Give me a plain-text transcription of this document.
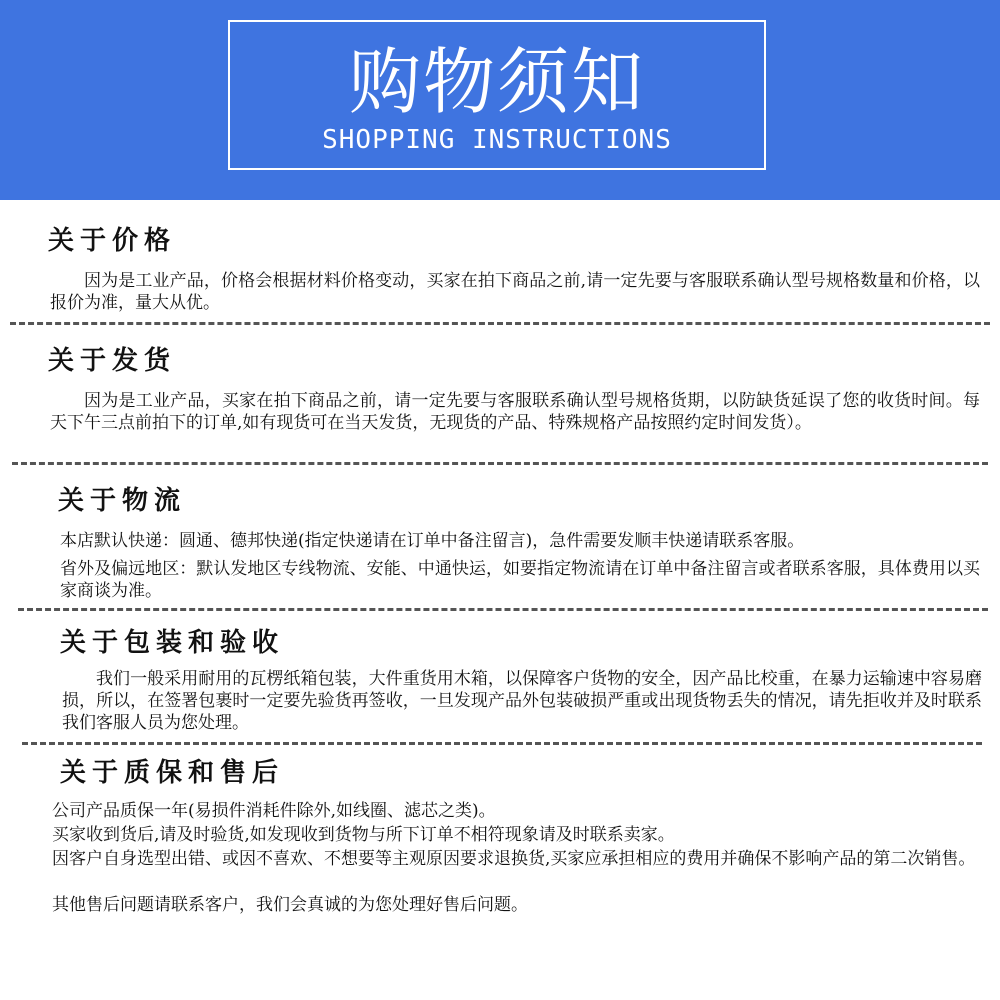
购物须知
SHOPPING INSTRUCTIONS
关于价格

因为是工业产品，价格会根据材料价格变动，买家在拍下商品之前,请一定先要与客服联系确认型号规格数量和价格，以报价为准，量大从优。

关于发货

因为是工业产品，买家在拍下商品之前，请一定先要与客服联系确认型号规格货期，以防缺货延误了您的收货时间。每天下午三点前拍下的订单,如有现货可在当天发货，无现货的产品、特殊规格产品按照约定时间发货）。

关于物流

本店默认快递：圆通、德邦快递(指定快递请在订单中备注留言)，急件需要发顺丰快递请联系客服。

省外及偏远地区：默认发地区专线物流、安能、中通快运，如要指定物流请在订单中备注留言或者联系客服，具体费用以买家商谈为准。

关于包装和验收

我们一般采用耐用的瓦楞纸箱包装，大件重货用木箱，以保障客户货物的安全，因产品比校重，在暴力运输速中容易磨损，所以，在签署包裹时一定要先验货再签收，一旦发现产品外包装破损严重或出现货物丢失的情况，请先拒收并及时联系我们客服人员为您处理。

关于质保和售后

公司产品质保一年(易损件消耗件除外,如线圈、滤芯之类)。

买家收到货后,请及时验货,如发现收到货物与所下订单不相符现象请及时联系卖家。

因客户自身选型出错、或因不喜欢、不想要等主观原因要求退换货,买家应承担相应的费用并确保不影响产品的第二次销售。

其他售后问题请联系客户，我们会真诚的为您处理好售后问题。
